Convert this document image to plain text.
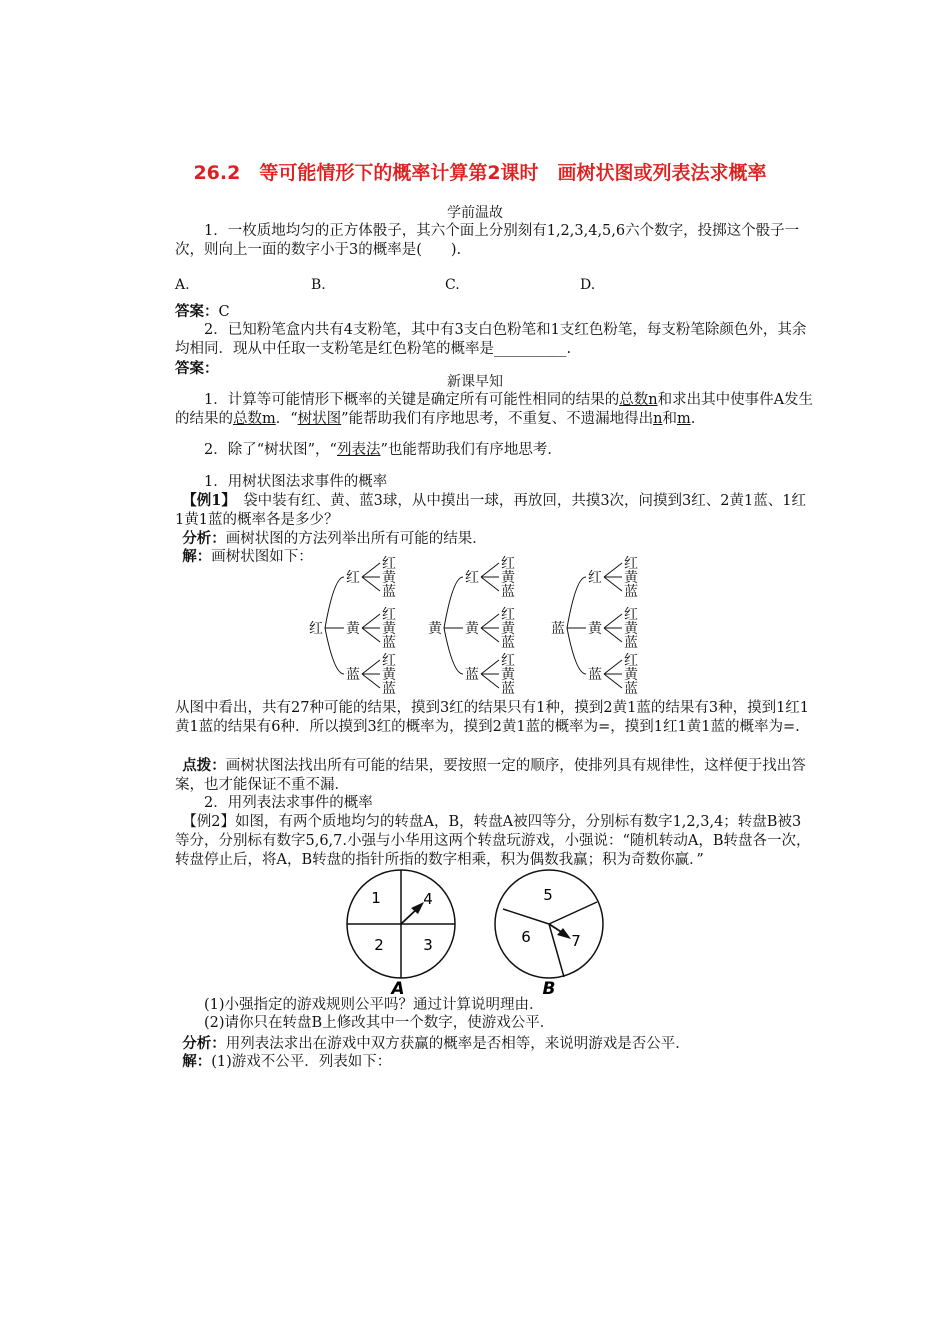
26.2　等可能情形下的概率计算第2课时　画树状图或列表法求概率
学前温故
1．一枚质地均匀的正方体骰子，其六个面上分别刻有1,2,3,4,5,6六个数字，投掷这个骰子一次，则向上一面的数字小于3的概率是(　　).
A.	B.	C.	D.
答案：C
2．已知粉笔盒内共有4支粉笔，其中有3支白色粉笔和1支红色粉笔，每支粉笔除颜色外，其余均相同．现从中任取一支粉笔是红色粉笔的概率是__________.
答案：
新课早知
1．计算等可能情形下概率的关键是确定所有可能性相同的结果的总数n和求出其中使事件A发生的结果的总数m．“树状图”能帮助我们有序地思考，不重复、不遗漏地得出n和m.
2．除了“树状图”，“列表法”也能帮助我们有序地思考．
1．用树状图法求事件的概率
【例1】　 袋中装有红、黄、蓝3球，从中摸出一球，再放回，共摸3次，问摸到3红、2黄1蓝、1红1黄1蓝的概率各是多少？
分析：画树状图的方法列举出所有可能的结果．
解：画树状图如下：
红
红
红
黄
蓝
黄
红
黄
蓝
蓝
红
黄
蓝
黄
红
红
黄
蓝
黄
红
黄
蓝
蓝
红
黄
蓝
蓝
红
红
黄
蓝
黄
红
黄
蓝
蓝
红
黄
蓝
从图中看出，共有27种可能的结果，摸到3红的结果只有1种，摸到2黄1蓝的结果有3种，摸到1红1黄1蓝的结果有6种．所以摸到3红的概率为，摸到2黄1蓝的概率为=，摸到1红1黄1蓝的概率为=.
点拨：画树状图法找出所有可能的结果，要按照一定的顺序，使排列具有规律性，这样便于找出答案，也才能保证不重不漏．
2．用列表法求事件的概率
【例2】如图，有两个质地均匀的转盘A，B，转盘A被四等分，分别标有数字1,2,3,4；转盘B被3等分，分别标有数字5,6,7.小强与小华用这两个转盘玩游戏，小强说：“随机转动A，B转盘各一次，转盘停止后，将A，B转盘的指针所指的数字相乘，积为偶数我赢；积为奇数你赢．”
1	4
2	3
A
5
6	7
B
(1)小强指定的游戏规则公平吗？通过计算说明理由．
(2)请你只在转盘B上修改其中一个数字，使游戏公平．
分析：用列表法求出在游戏中双方获赢的概率是否相等，来说明游戏是否公平．
解：(1)游戏不公平．列表如下：
